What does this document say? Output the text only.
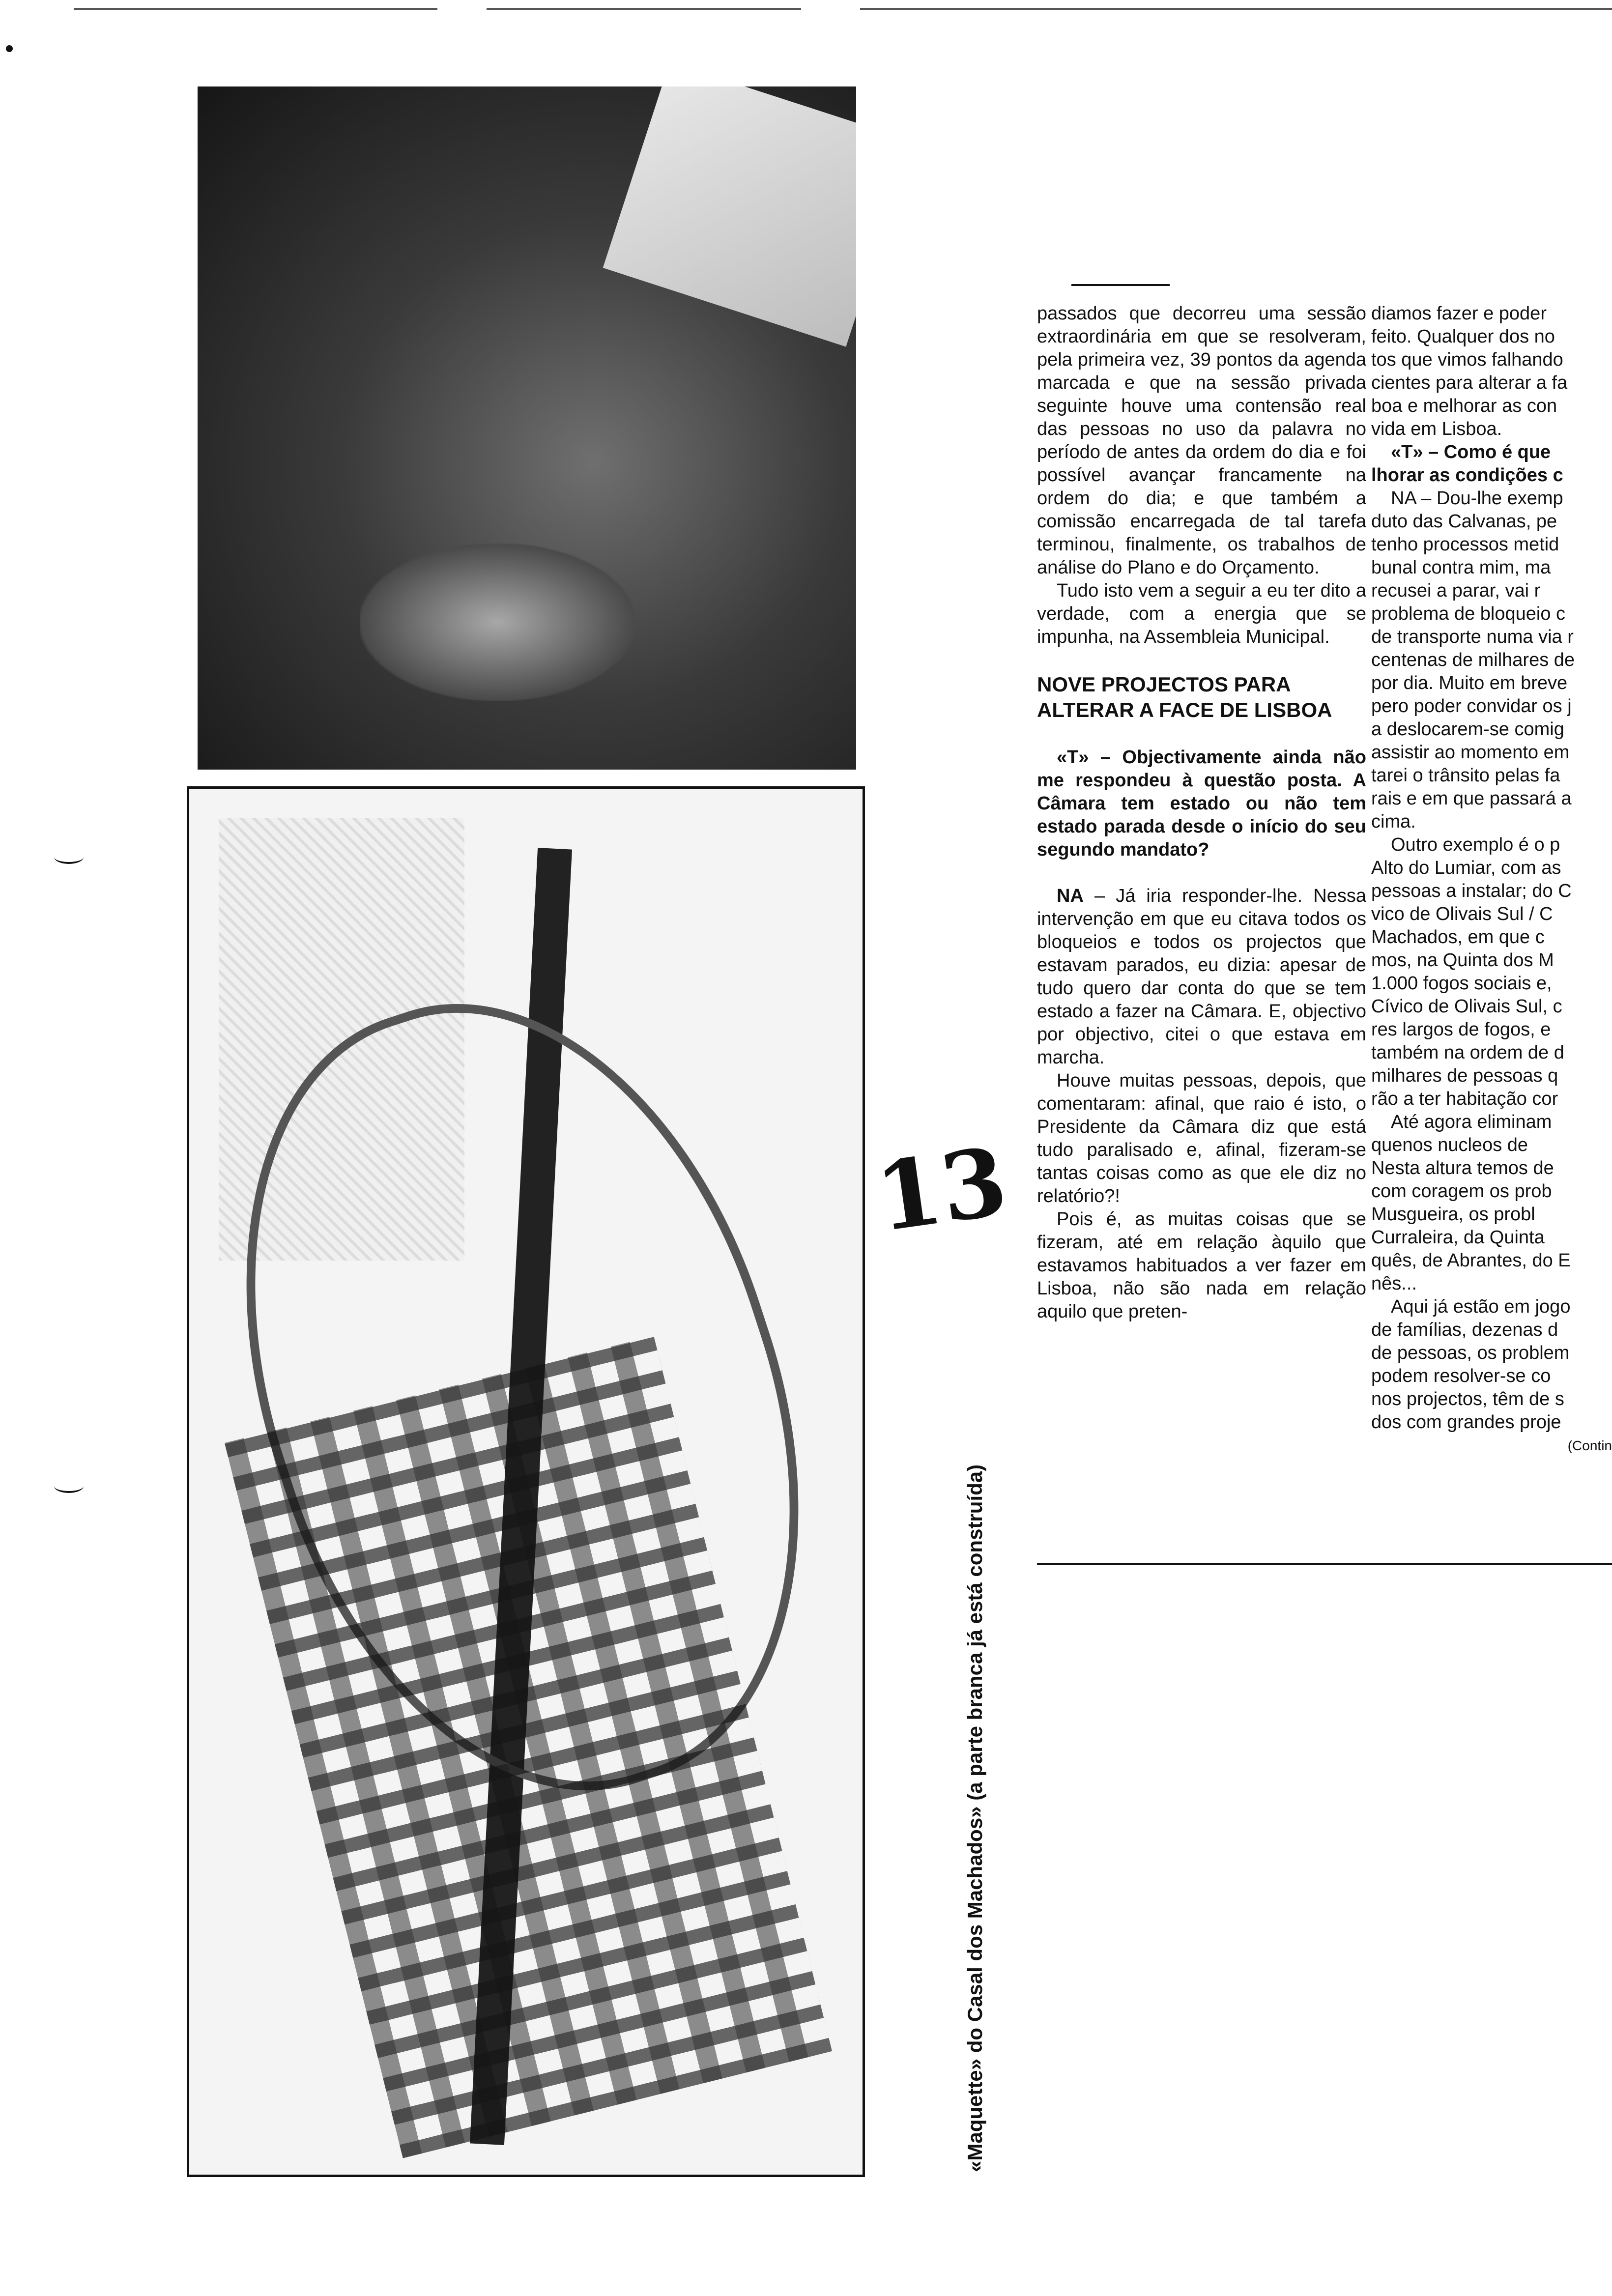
13
«Maquette» do Casal dos Machados» (a parte branca já está construída)

passados que decorreu uma sessão extraordinária em que se resolveram, pela primeira vez, 39 pontos da agenda marcada e que na sessão privada seguinte houve uma contensão real das pessoas no uso da palavra no período de antes da ordem do dia e foi possível avançar francamente na ordem do dia; e que também a comissão encarregada de tal tarefa terminou, finalmente, os trabalhos de análise do Plano e do Orçamento.

Tudo isto vem a seguir a eu ter dito a verdade, com a energia que se impunha, na Assembleia Municipal.

NOVE PROJECTOS PARA ALTERAR A FACE DE LISBOA

«T» – Objectivamente ainda não me respondeu à questão posta. A Câmara tem estado ou não tem estado parada desde o início do seu segundo mandato?

NA – Já iria responder-lhe. Nessa intervenção em que eu citava todos os bloqueios e todos os projectos que estavam parados, eu dizia: apesar de tudo quero dar conta do que se tem estado a fazer na Câmara. E, objectivo por objectivo, citei o que estava em marcha.

Houve muitas pessoas, depois, que comentaram: afinal, que raio é isto, o Presidente da Câmara diz que está tudo paralisado e, afinal, fizeram-se tantas coisas como as que ele diz no relatório?!

Pois é, as muitas coisas que se fizeram, até em relação àquilo que estavamos habituados a ver fazer em Lisboa, não são nada em relação aquilo que preten-

diamos fazer e poder
feito. Qualquer dos no
tos que vimos falhando
cientes para alterar a fa
boa e melhorar as con
vida em Lisboa.
«T» – Como é que
lhorar as condições c
NA – Dou-lhe exemp
duto das Calvanas, pe
tenho processos metid
bunal contra mim, ma
recusei a parar, vai r
problema de bloqueio c
de transporte numa via r
centenas de milhares de
por dia. Muito em breve
pero poder convidar os j
a deslocarem-se comig
assistir ao momento em
tarei o trânsito pelas fa
rais e em que passará a
cima.
Outro exemplo é o p
Alto do Lumiar, com as
pessoas a instalar; do C
vico de Olivais Sul / C
Machados, em que c
mos, na Quinta dos M
1.000 fogos sociais e,
Cívico de Olivais Sul, c
res largos de fogos, e
também na ordem de d
milhares de pessoas q
rão a ter habitação cor
Até agora eliminam
quenos nucleos de
Nesta altura temos de
com coragem os prob
Musgueira, os probl
Curraleira, da Quinta
quês, de Abrantes, do E
nês...
Aqui já estão em jogo
de famílias, dezenas d
de pessoas, os problem
podem resolver-se co
nos projectos, têm de s
dos com grandes proje
(Contin
